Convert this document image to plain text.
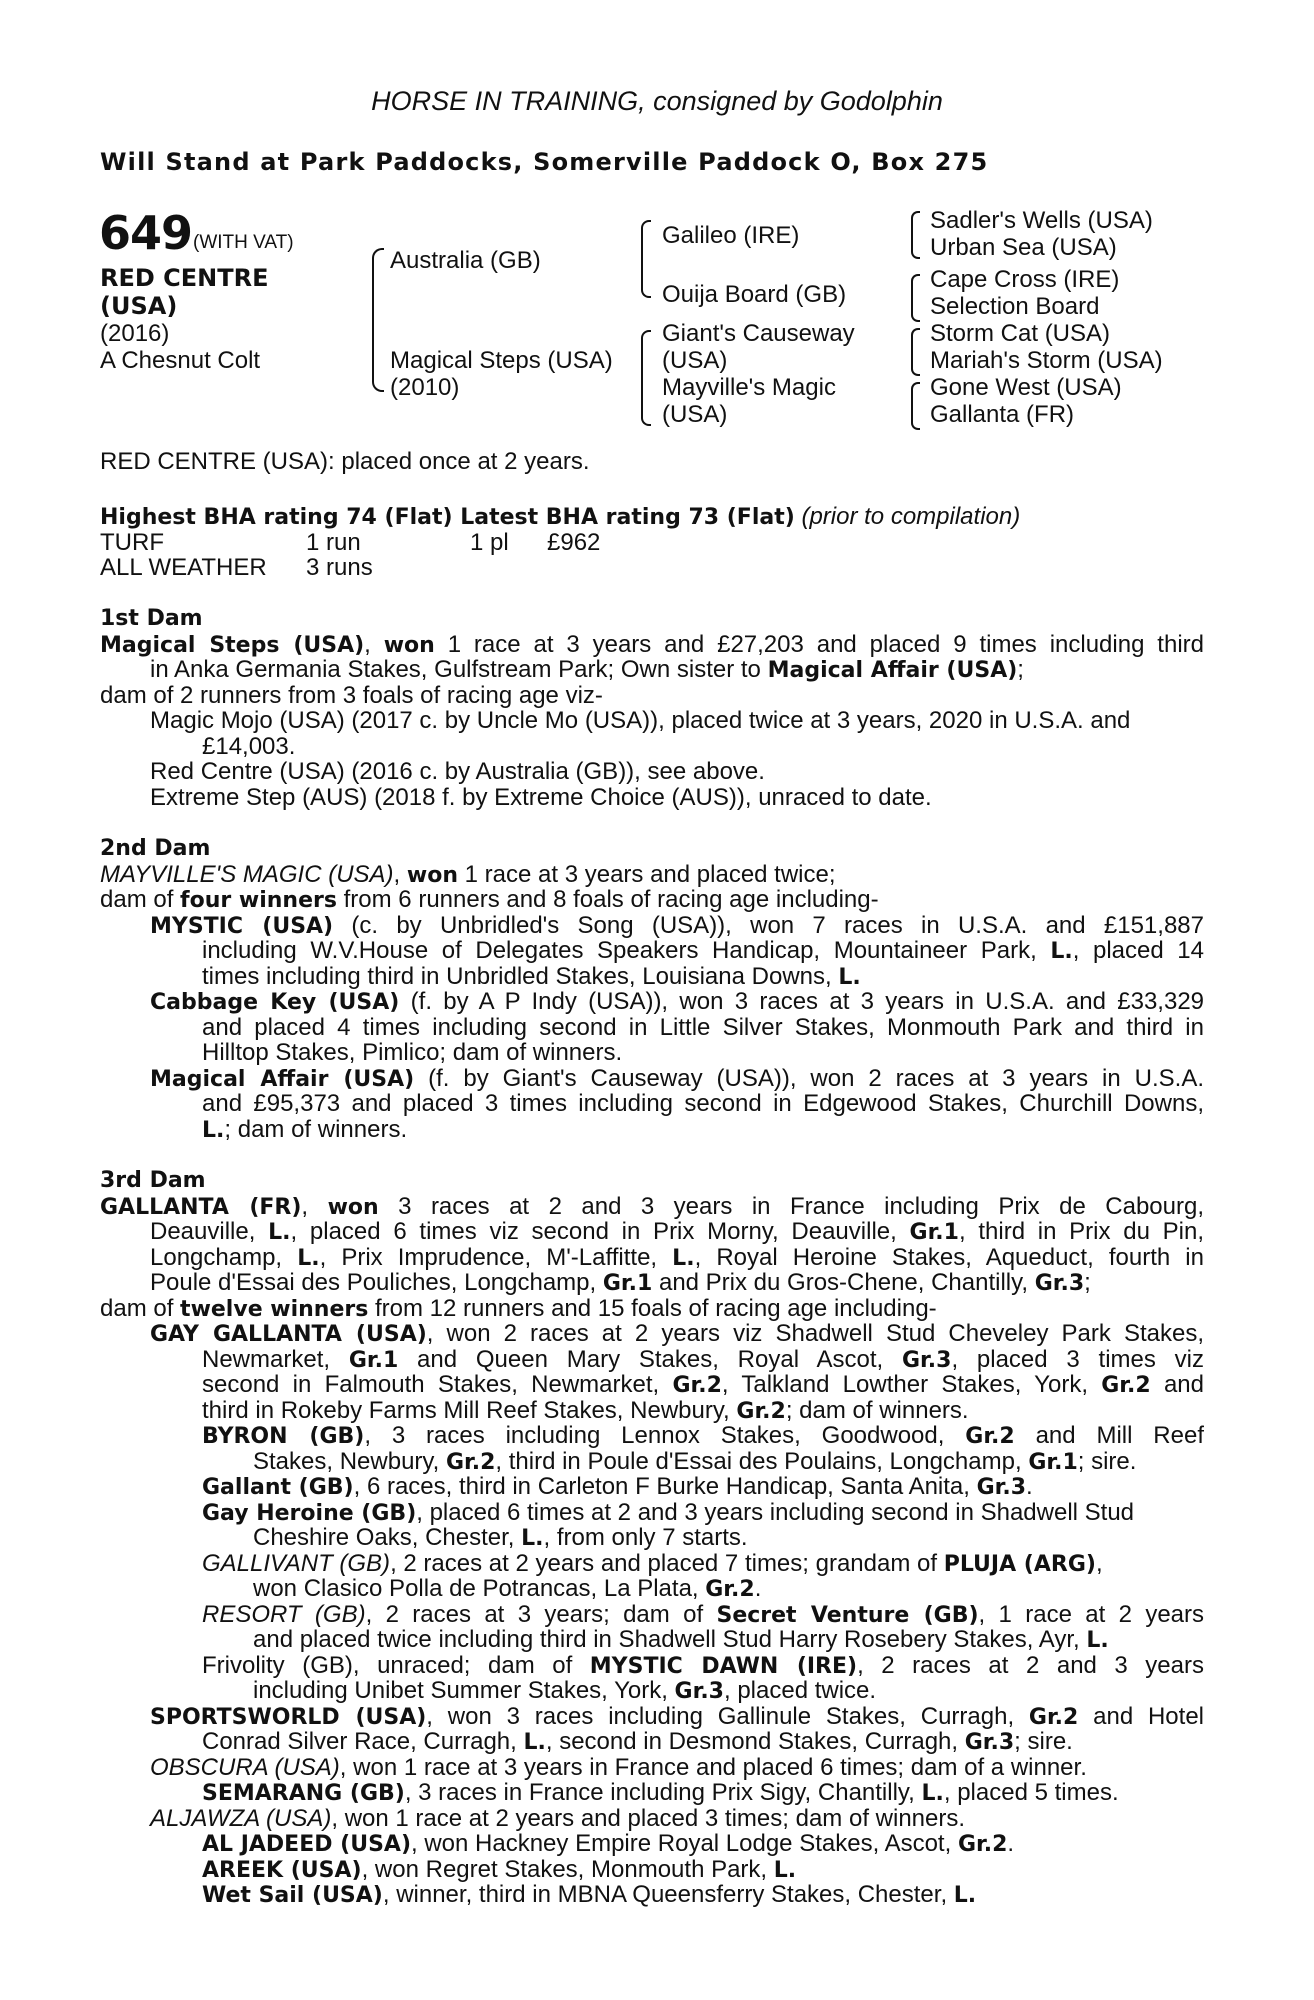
HORSE IN TRAINING, consigned by Godolphin
Will Stand at Park Paddocks, Somerville Paddock O, Box 275
649 (WITH VAT)
RED CENTRE
(USA)
(2016)
A Chesnut Colt
Australia (GB)
Magical Steps (USA)
(2010)
Galileo (IRE)
Ouija Board (GB)
Giant's Causeway
(USA)
Mayville's Magic
(USA)
Sadler's Wells (USA)
Urban Sea (USA)
Cape Cross (IRE)
Selection Board
Storm Cat (USA)
Mariah's Storm (USA)
Gone West (USA)
Gallanta (FR)
RED CENTRE (USA): placed once at 2 years.
Highest BHA rating 74 (Flat) Latest BHA rating 73 (Flat) (prior to compilation)
TURF	1 run	1 pl £962
ALL WEATHER 3 runs
1st Dam
Magical Steps (USA), won 1 race at 3 years and £27,203 and placed 9 times including third
in Anka Germania Stakes, Gulfstream Park; Own sister to Magical Affair (USA);
dam of 2 runners from 3 foals of racing age viz-
Magic Mojo (USA) (2017 c. by Uncle Mo (USA)), placed twice at 3 years, 2020 in U.S.A. and
£14,003.
Red Centre (USA) (2016 c. by Australia (GB)), see above.
Extreme Step (AUS) (2018 f. by Extreme Choice (AUS)), unraced to date.
2nd Dam
MAYVILLE'S MAGIC (USA), won 1 race at 3 years and placed twice;
dam of four winners from 6 runners and 8 foals of racing age including-
MYSTIC (USA) (c. by Unbridled's Song (USA)), won 7 races in U.S.A. and £151,887
including W.V.House of Delegates Speakers Handicap, Mountaineer Park, L., placed 14
times including third in Unbridled Stakes, Louisiana Downs, L.
Cabbage Key (USA) (f. by A P Indy (USA)), won 3 races at 3 years in U.S.A. and £33,329
and placed 4 times including second in Little Silver Stakes, Monmouth Park and third in
Hilltop Stakes, Pimlico; dam of winners.
Magical Affair (USA) (f. by Giant's Causeway (USA)), won 2 races at 3 years in U.S.A.
and £95,373 and placed 3 times including second in Edgewood Stakes, Churchill Downs,
L.; dam of winners.
3rd Dam
GALLANTA (FR), won 3 races at 2 and 3 years in France including Prix de Cabourg,
Deauville, L., placed 6 times viz second in Prix Morny, Deauville, Gr.1, third in Prix du Pin,
Longchamp, L., Prix Imprudence, M'-Laffitte, L., Royal Heroine Stakes, Aqueduct, fourth in
Poule d'Essai des Pouliches, Longchamp, Gr.1 and Prix du Gros-Chene, Chantilly, Gr.3;
dam of twelve winners from 12 runners and 15 foals of racing age including-
GAY GALLANTA (USA), won 2 races at 2 years viz Shadwell Stud Cheveley Park Stakes,
Newmarket, Gr.1 and Queen Mary Stakes, Royal Ascot, Gr.3, placed 3 times viz
second in Falmouth Stakes, Newmarket, Gr.2, Talkland Lowther Stakes, York, Gr.2 and
third in Rokeby Farms Mill Reef Stakes, Newbury, Gr.2; dam of winners.
BYRON (GB), 3 races including Lennox Stakes, Goodwood, Gr.2 and Mill Reef
Stakes, Newbury, Gr.2, third in Poule d'Essai des Poulains, Longchamp, Gr.1; sire.
Gallant (GB), 6 races, third in Carleton F Burke Handicap, Santa Anita, Gr.3.
Gay Heroine (GB), placed 6 times at 2 and 3 years including second in Shadwell Stud
Cheshire Oaks, Chester, L., from only 7 starts.
GALLIVANT (GB), 2 races at 2 years and placed 7 times; grandam of PLUJA (ARG),
won Clasico Polla de Potrancas, La Plata, Gr.2.
RESORT (GB), 2 races at 3 years; dam of Secret Venture (GB), 1 race at 2 years
and placed twice including third in Shadwell Stud Harry Rosebery Stakes, Ayr, L.
Frivolity (GB), unraced; dam of MYSTIC DAWN (IRE), 2 races at 2 and 3 years
including Unibet Summer Stakes, York, Gr.3, placed twice.
SPORTSWORLD (USA), won 3 races including Gallinule Stakes, Curragh, Gr.2 and Hotel
Conrad Silver Race, Curragh, L., second in Desmond Stakes, Curragh, Gr.3; sire.
OBSCURA (USA), won 1 race at 3 years in France and placed 6 times; dam of a winner.
SEMARANG (GB), 3 races in France including Prix Sigy, Chantilly, L., placed 5 times.
ALJAWZA (USA), won 1 race at 2 years and placed 3 times; dam of winners.
AL JADEED (USA), won Hackney Empire Royal Lodge Stakes, Ascot, Gr.2.
AREEK (USA), won Regret Stakes, Monmouth Park, L.
Wet Sail (USA), winner, third in MBNA Queensferry Stakes, Chester, L.
